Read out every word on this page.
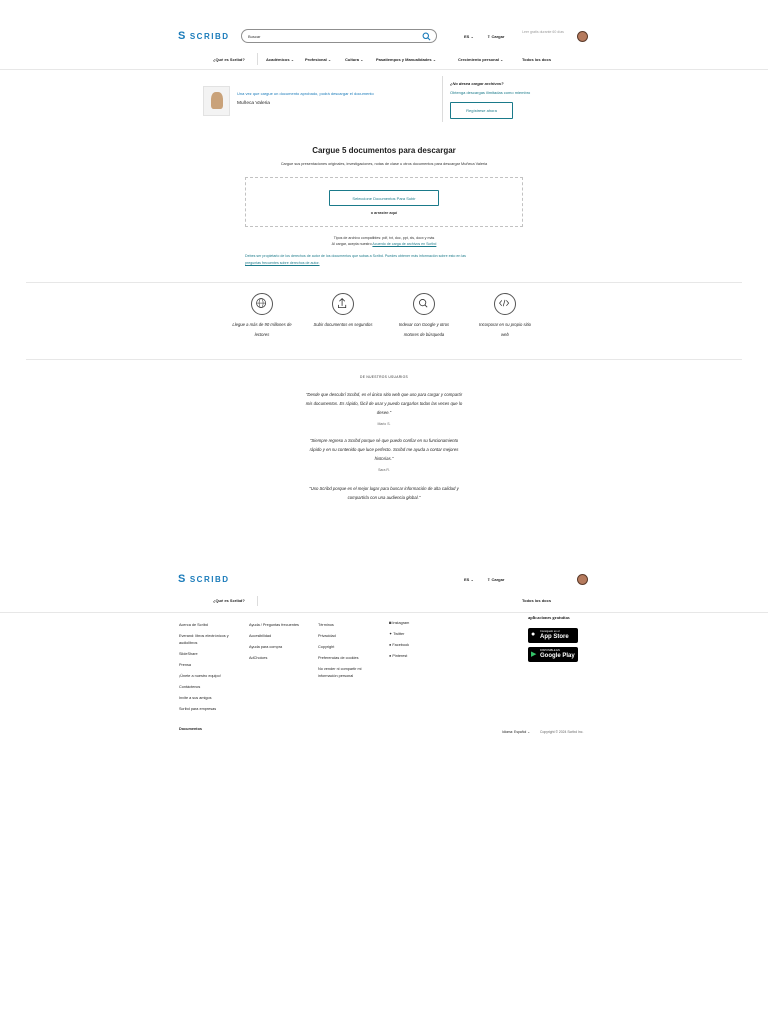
S SCRIBD	Buscar	ES ⌄	⇪ Cargar
Leer gratis durante 60 días
¿Qué es Scribd?	Académicos ⌄	Profesional ⌄	Cultura ⌄	Pasatiempos y Manualidades ⌄	Crecimiento personal ⌄	Todos los docs
Una vez que cargue un documento aprobado, podrá descargar el documento
Muñeca Valeria
¿No desea cargar archivos?
Obtenga descargas ilimitadas como miembro
Regístrese ahora
Cargue 5 documentos para descargar
Cargue sus presentaciones originales, investigaciones, notas de clase u otros documentos para descargar Muñeca Valeria
Seleccione Documentos Para Subir
o arrastre aquí
Tipos de archivo compatibles: pdf, txt, doc, ppt, xls, docx y más
Al cargar, acepta nuestro Acuerdo de carga de archivos en Scribd
Debes ser propietario de los derechos de autor de los documentos que subas a Scribd. Puedes obtener más información sobre esto en las
preguntas frecuentes sobre derechos de autor.
Llegue a más de 90 millones de lectores
Subir documentos en segundos	Indexar con Google y otros motores de búsqueda
Incorporar en su propio sitio web
DE NUESTROS USUARIOS
"Desde que descubrí Scribd, es el único sitio web que uso para cargar y compartir mis documentos. Es rápido, fácil de usar y puedo cargarlos todas las veces que lo desee."
Mario S.
"Siempre regreso a Scribd porque sé que puedo confiar en su funcionamiento rápido y en su contenido que luce perfecto. Scribd me ayuda a contar mejores historias."
Sara R.
"Uso Scribd porque es el mejor lugar para buscar información de alta calidad y compartirla con una audiencia global."
S SCRIBD	ES ⌄	⇪ Cargar
¿Qué es Scribd?	Todos los docs
Acerca de Scribd
Everand: libros electrónicos y audiolibros
SlideShare
Prensa
¡Únete a nuestro equipo!
Contáctenos
Invite a sus amigos
Scribd para empresas
Ayuda / Preguntas frecuentes
Accesibilidad
Ayuda para compra
AdChoices
Términos
Privacidad
Copyright
Preferencias de cookies
No vender ni compartir mi información personal
◙ Instagram
✦ Twitter
● Facebook
● Pinterest
aplicaciones gratuitas
● Consíguelo en el
App Store
▶
DISPONIBLE EN
Google Play
Documentos
Idioma: Español ⌄	Copyright © 2024 Scribd Inc.
